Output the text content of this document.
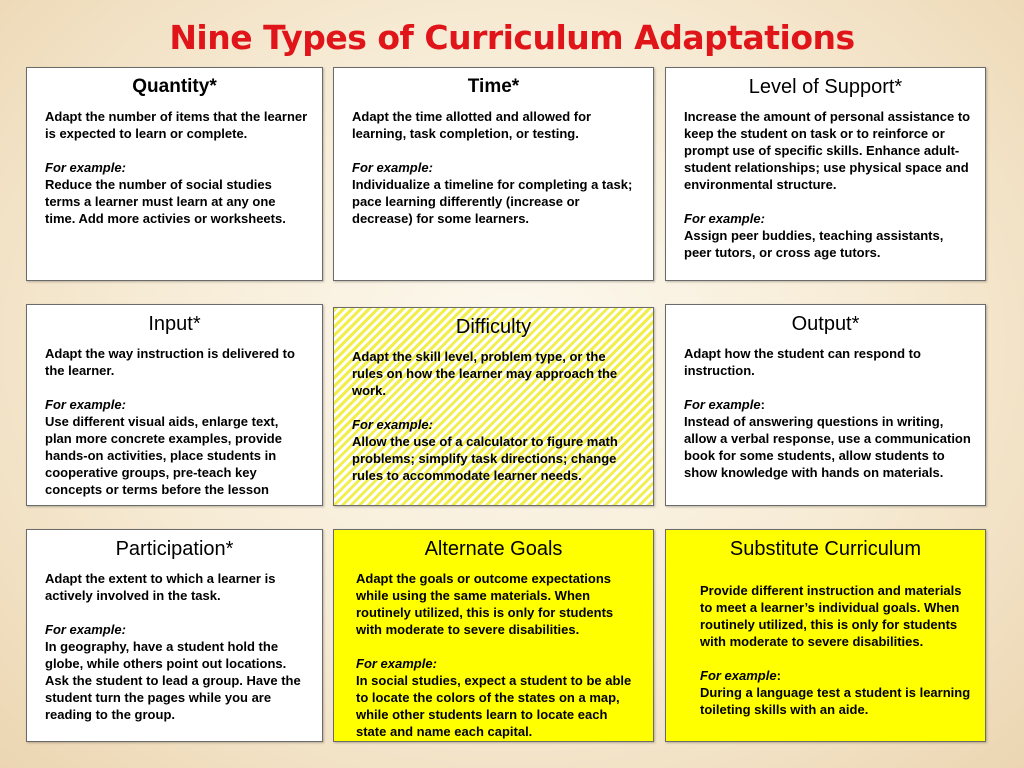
Nine Types of Curriculum Adaptations
Quantity*

Adapt the number of items that the learner is expected to learn or complete.

For example:

Reduce the number of social studies terms a learner must learn at any one time. Add more activies or worksheets.

Time*

Adapt the time allotted and allowed for learning, task completion, or testing.

For example:

Individualize a timeline for completing a task; pace learning differently (increase or decrease) for some learners.

Level of Support*

Increase the amount of personal assistance to keep the student on task or to reinforce or prompt use of specific skills. Enhance adult-student relationships; use physical space and environmental structure.

For example:

Assign peer buddies, teaching assistants, peer tutors, or cross age tutors.

Input*

Adapt the way instruction is delivered to the learner.

For example:

Use different visual aids, enlarge text, plan more concrete examples, provide hands-on activities, place students in cooperative groups, pre-teach key concepts or terms before the lesson

Difficulty

Adapt the skill level, problem type, or the rules on how the learner may approach the work.

For example:

Allow the use of a calculator to figure math problems; simplify task directions; change rules to accommodate learner needs.

Output*

Adapt how the student can respond to instruction.

For example:

Instead of answering questions in writing, allow a verbal response, use a communication book for some students, allow students to show knowledge with hands on materials.

Participation*

Adapt the extent to which a learner is actively involved in the task.

For example:

In geography, have a student hold the globe, while others point out locations. Ask the student to lead a group. Have the student turn the pages while you are reading to the group.

Alternate Goals

Adapt the goals or outcome expectations while using the same materials. When routinely utilized, this is only for students with moderate to severe disabilities.

For example:

In social studies, expect a student to be able to locate the colors of the states on a map, while other students learn to locate each state and name each capital.

Substitute Curriculum

Provide different instruction and materials to meet a learner’s individual goals. When routinely utilized, this is only for students with moderate to severe disabilities.

For example:

During a language test a student is learning toileting skills with an aide.
